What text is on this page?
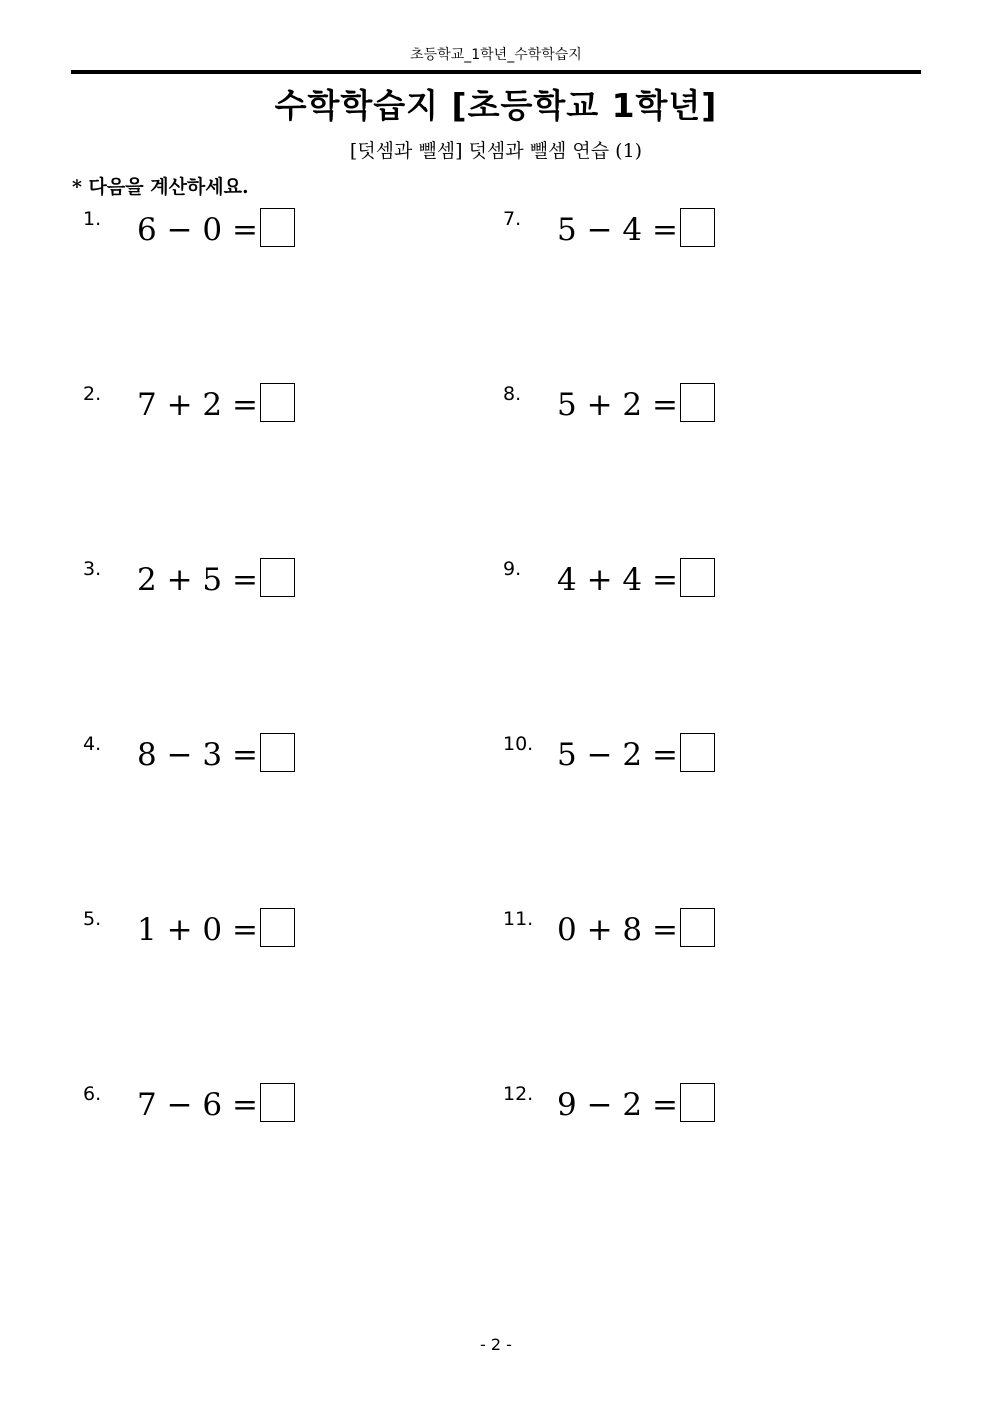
초등학교_1학년_수학학습지
수학학습지 [초등학교 1학년]
[덧셈과 뺄셈] 덧셈과 뺄셈 연습 (1)
* 다음을 계산하세요.
1. 6 − 0 =
2. 7 + 2 =
3. 2 + 5 =
4. 8 − 3 =
5. 1 + 0 =
6. 7 − 6 =
7. 5 − 4 =
8. 5 + 2 =
9. 4 + 4 =
10. 5 − 2 =
11. 0 + 8 =
12. 9 − 2 =
- 2 -
